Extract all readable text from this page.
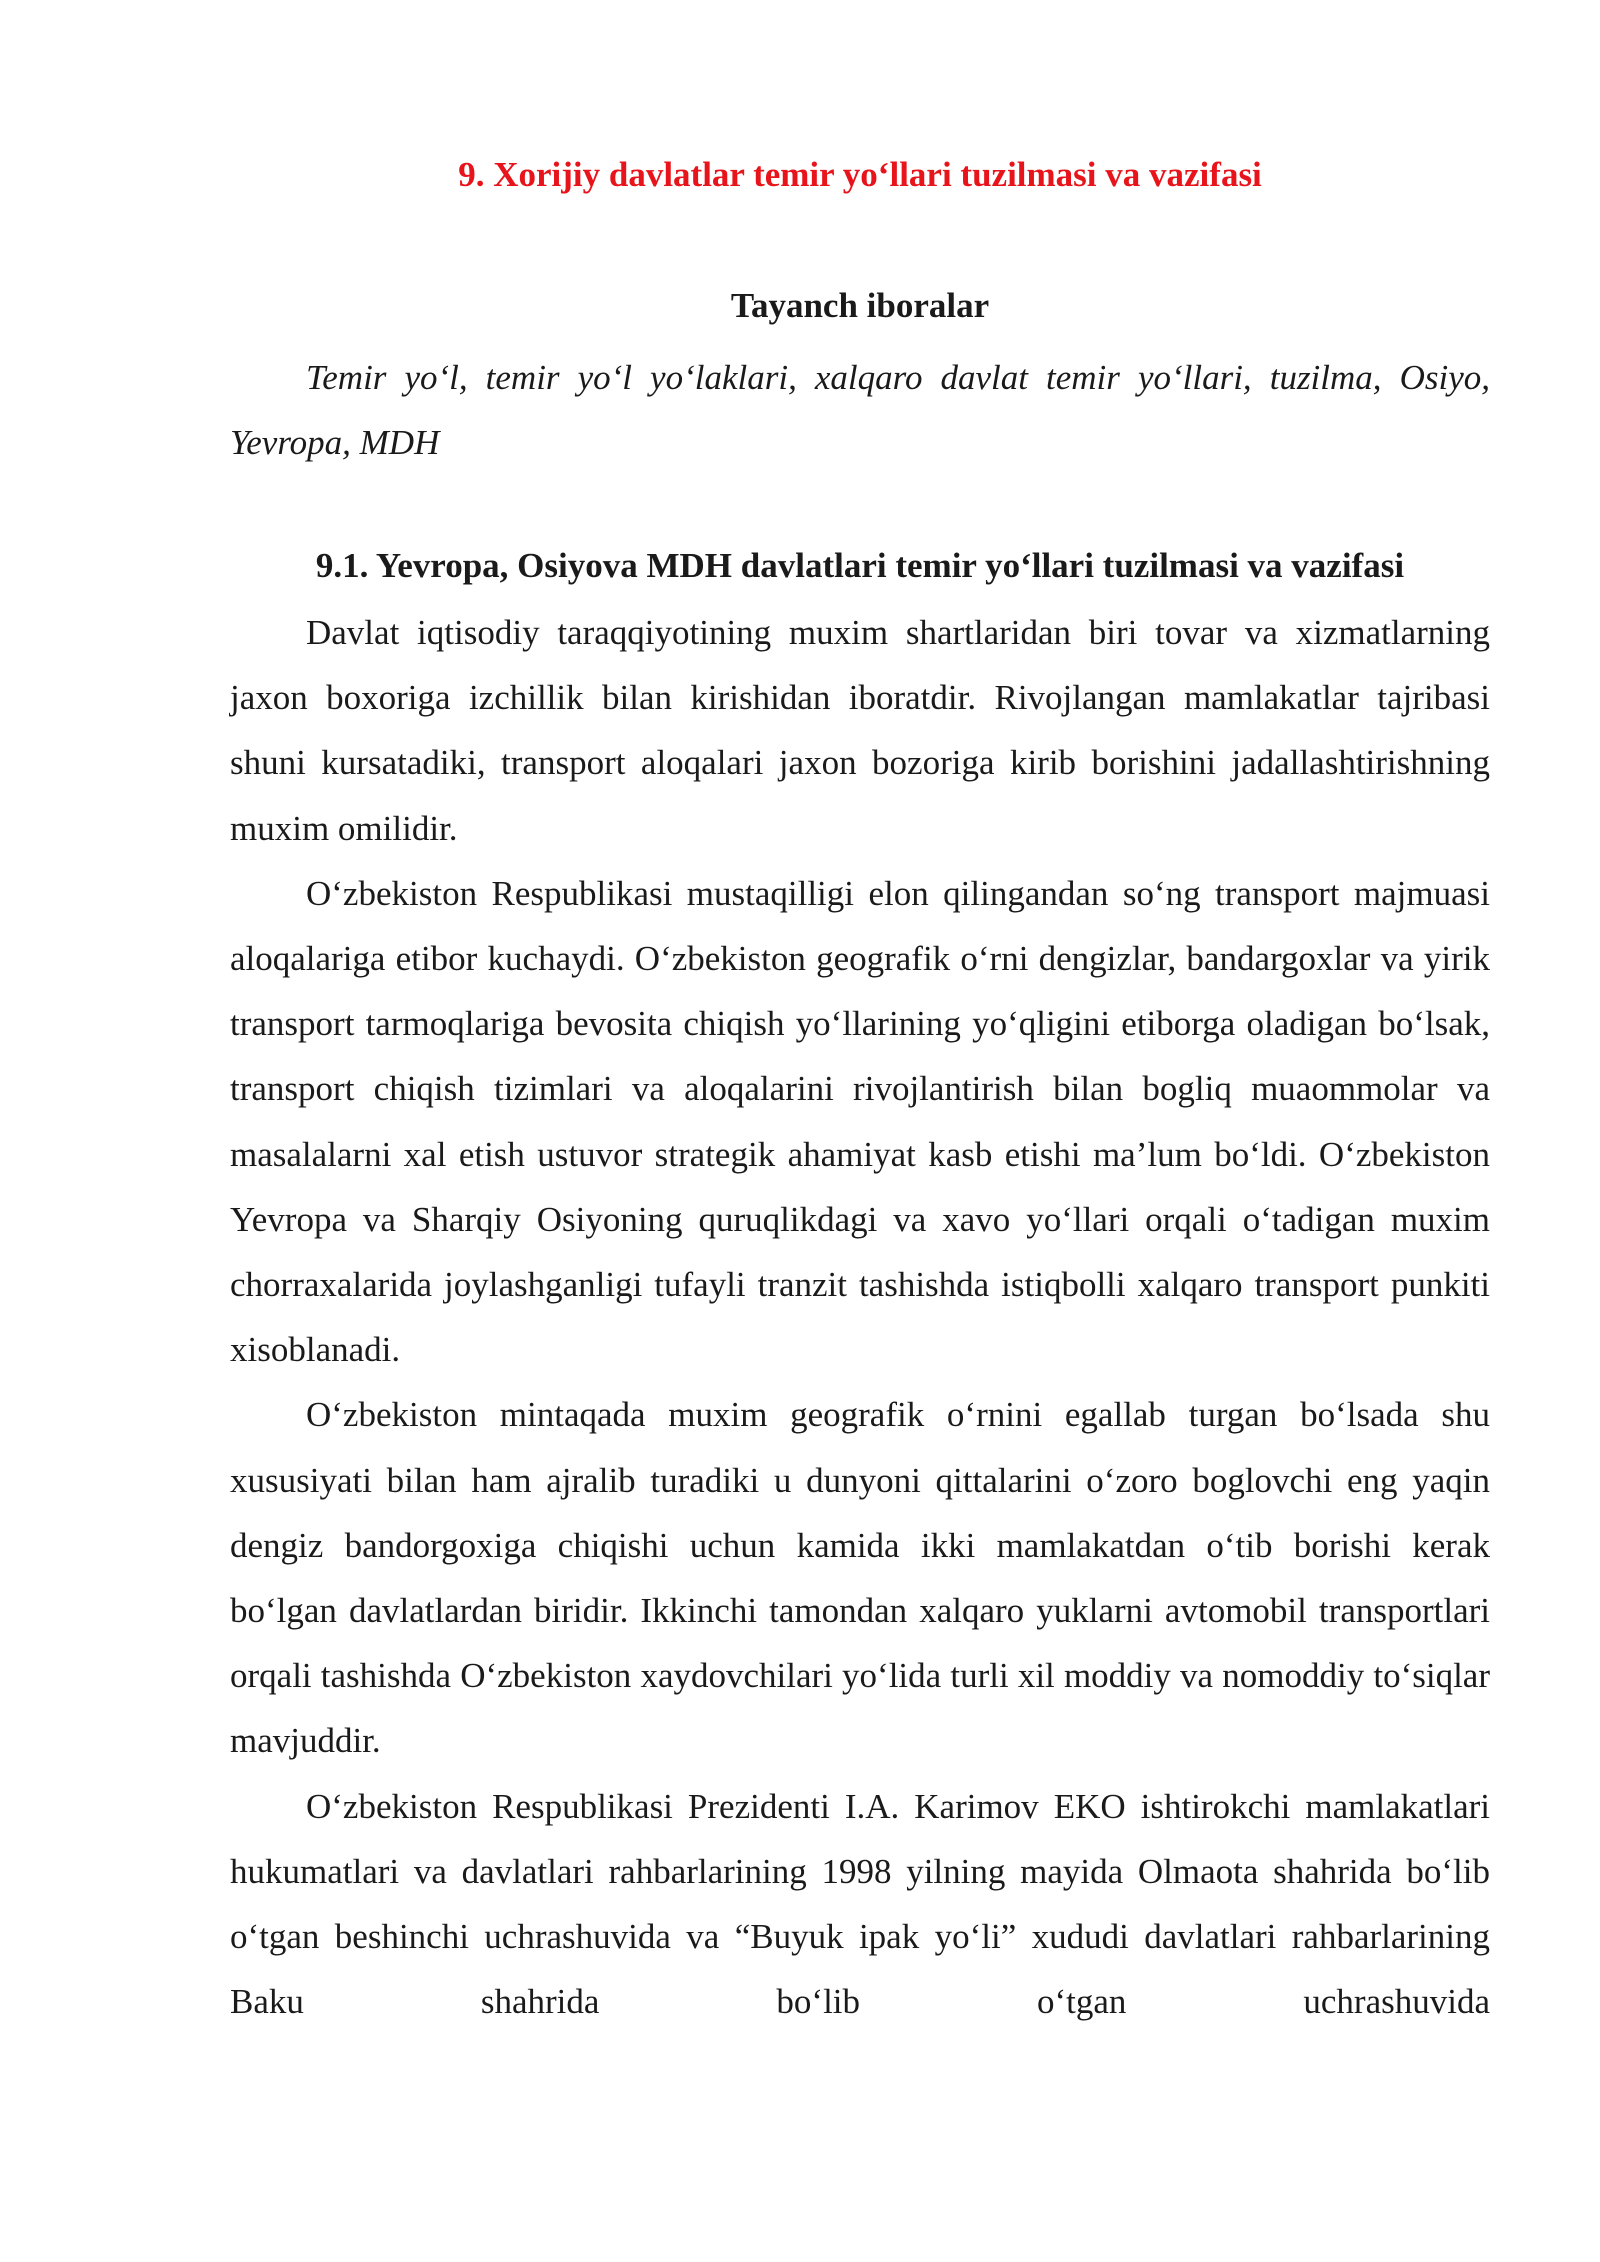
9. Xorijiy davlatlar temir yo‘llari tuzilmasi va vazifasi
Tayanch iboralar

Temir yo‘l, temir yo‘l yo‘laklari, xalqaro davlat temir yo‘llari, tuzilma, Osiyo, Yevropa, MDH

9.1. Yevropa, Osiyova MDH davlatlari temir yo‘llari tuzilmasi va vazifasi

Davlat iqtisodiy taraqqiyotining muxim shartlaridan biri tovar va xizmatlarning jaxon boxoriga izchillik bilan kirishidan iboratdir. Rivojlangan mamlakatlar tajribasi shuni kursatadiki, transport aloqalari jaxon bozoriga kirib borishini jadallashtirishning muxim omilidir.

O‘zbekiston Respublikasi mustaqilligi elon qilingandan so‘ng transport majmuasi aloqalariga etibor kuchaydi. O‘zbekiston geografik o‘rni dengizlar, bandargoxlar va yirik transport tarmoqlariga bevosita chiqish yo‘llarining yo‘qligini etiborga oladigan bo‘lsak, transport chiqish tizimlari va aloqalarini rivojlantirish bilan bogliq muaommolar va masalalarni xal etish ustuvor strategik ahamiyat kasb etishi ma’lum bo‘ldi. O‘zbekiston Yevropa va Sharqiy Osiyoning quruqlikdagi va xavo yo‘llari orqali o‘tadigan muxim chorraxalarida joylashganligi tufayli tranzit tashishda istiqbolli xalqaro transport punkiti xisoblanadi.

O‘zbekiston mintaqada muxim geografik o‘rnini egallab turgan bo‘lsada shu xususiyati bilan ham ajralib turadiki u dunyoni qittalarini o‘zoro boglovchi eng yaqin dengiz bandorgoxiga chiqishi uchun kamida ikki mamlakatdan o‘tib borishi kerak bo‘lgan davlatlardan biridir. Ikkinchi tamondan xalqaro yuklarni avtomobil transportlari orqali tashishda O‘zbekiston xaydovchilari yo‘lida turli xil moddiy va nomoddiy to‘siqlar mavjuddir.

O‘zbekiston Respublikasi Prezidenti I.A. Karimov EKO ishtirokchi mamlakatlari hukumatlari va davlatlari rahbarlarining 1998 yilning mayida Olmaota shahrida bo‘lib o‘tgan beshinchi uchrashuvida va “Buyuk ipak yo‘li” xududi davlatlari rahbarlarining Baku shahrida bo‘lib o‘tgan uchrashuvida
